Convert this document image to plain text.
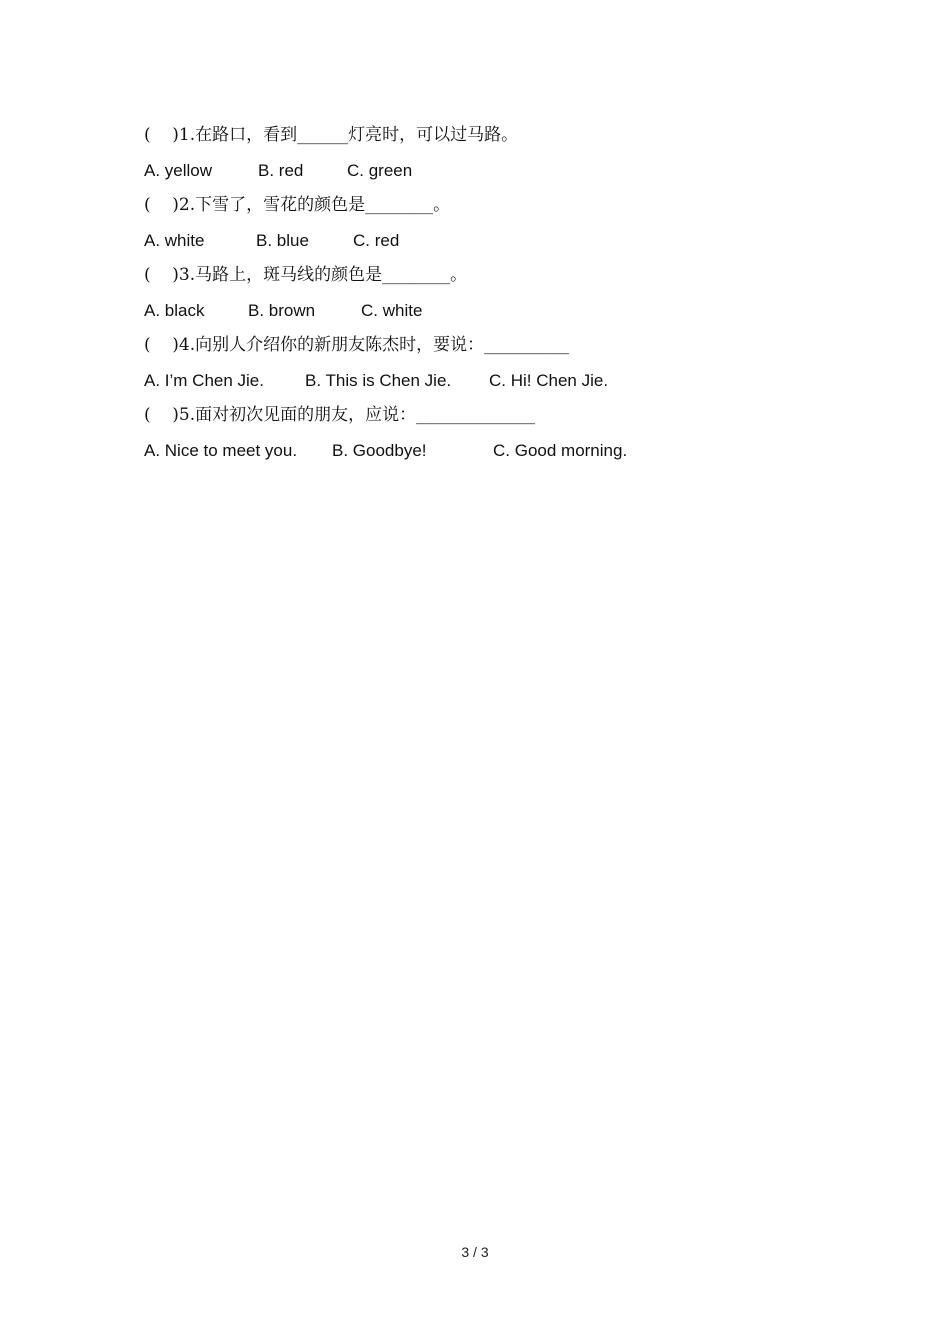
(    )1.在路口，看到______灯亮时，可以过马路。
A. yellow	B. red	C. green
(    )2.下雪了，雪花的颜色是________。
A. white	B. blue	C. red
(    )3.马路上，斑马线的颜色是________。
A. black	B. brown	C. white
(    )4.向别人介绍你的新朋友陈杰时，要说：__________
A. I’m Chen Jie. B. This is Chen Jie. C. Hi! Chen Jie.
(    )5.面对初次见面的朋友，应说：______________
A. Nice to meet you. B. Goodbye!	C. Good morning.
3 / 3
